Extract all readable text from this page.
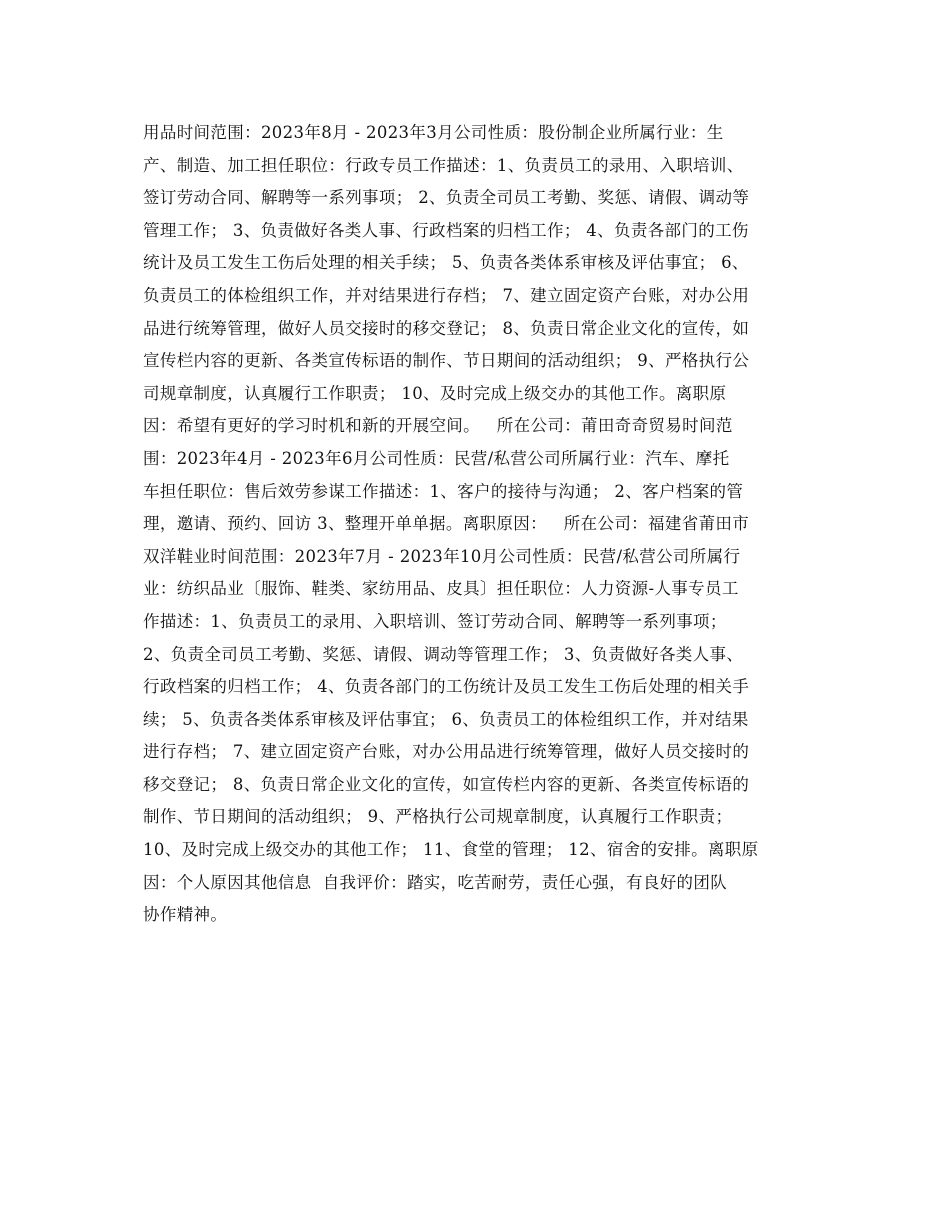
用品时间范围：2023年8月 - 2023年3月公司性质：股份制企业所属行业：生
产、制造、加工担任职位：行政专员工作描述：1、负责员工的录用、入职培训、
签订劳动合同、解聘等一系列事项； 2、负责全司员工考勤、奖惩、请假、调动等
管理工作； 3、负责做好各类人事、行政档案的归档工作； 4、负责各部门的工伤
统计及员工发生工伤后处理的相关手续； 5、负责各类体系审核及评估事宜； 6、
负责员工的体检组织工作，并对结果进行存档； 7、建立固定资产台账，对办公用
品进行统筹管理，做好人员交接时的移交登记； 8、负责日常企业文化的宣传，如
宣传栏内容的更新、各类宣传标语的制作、节日期间的活动组织； 9、严格执行公
司规章制度，认真履行工作职责； 10、及时完成上级交办的其他工作。离职原
因：希望有更好的学习时机和新的开展空间。   所在公司：莆田奇奇贸易时间范
围：2023年4月 - 2023年6月公司性质：民营/私营公司所属行业：汽车、摩托
车担任职位：售后效劳参谋工作描述：1、客户的接待与沟通； 2、客户档案的管
理，邀请、预约、回访 3、整理开单单据。离职原因：   所在公司：福建省莆田市
双洋鞋业时间范围：2023年7月 - 2023年10月公司性质：民营/私营公司所属行
业：纺织品业〔服饰、鞋类、家纺用品、皮具〕担任职位：人力资源-人事专员工
作描述：1、负责员工的录用、入职培训、签订劳动合同、解聘等一系列事项；
2、负责全司员工考勤、奖惩、请假、调动等管理工作； 3、负责做好各类人事、
行政档案的归档工作； 4、负责各部门的工伤统计及员工发生工伤后处理的相关手
续； 5、负责各类体系审核及评估事宜； 6、负责员工的体检组织工作，并对结果
进行存档； 7、建立固定资产台账，对办公用品进行统筹管理，做好人员交接时的
移交登记； 8、负责日常企业文化的宣传，如宣传栏内容的更新、各类宣传标语的
制作、节日期间的活动组织； 9、严格执行公司规章制度，认真履行工作职责；
10、及时完成上级交办的其他工作； 11、食堂的管理； 12、宿舍的安排。离职原
因：个人原因其他信息  自我评价：踏实，吃苦耐劳，责任心强，有良好的团队
协作精神。
